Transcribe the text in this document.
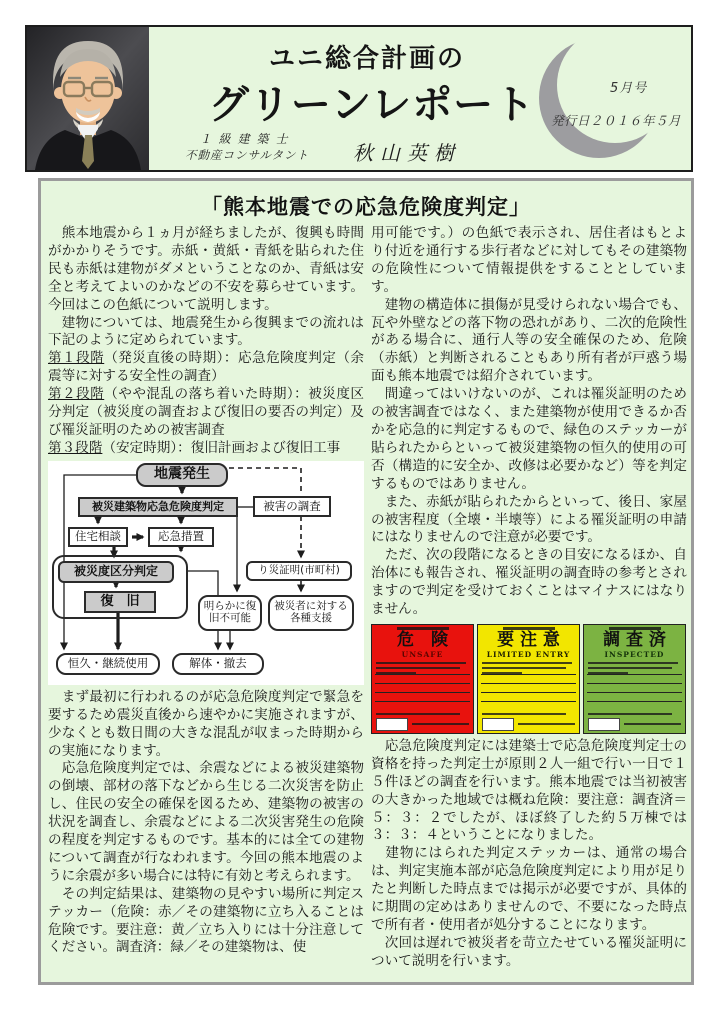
ユニ総合計画の
グリーンレポート
１級建築士
不動産コンサルタント 秋山英樹
5月号
発行日２０１６年５月
「熊本地震での応急危険度判定」

　熊本地震から１ヵ月が経ちましたが、復興も時間がかかりそうです。赤紙・黄紙・青紙を貼られた住民も赤紙は建物がダメということなのか、青紙は安全と考えてよいのかなどの不安を募らせています。今回はこの色紙について説明します。

　建物については、地震発生から復興までの流れは下記のように定められています。

第１段階（発災直後の時期）：応急危険度判定（余震等に対する安全性の調査）

第２段階（やや混乱の落ち着いた時期）：被災度区分判定（被災度の調査および復旧の要否の判定）及び罹災証明のための被害調査

第３段階（安定時期）：復旧計画および復旧工事

地震発生
被災建築物応急危険度判定	被害の調査
住宅相談	応急措置
被災度区分判定	り災証明(市町村)
復　旧	明らかに復旧不可能
被災者に対する各種支援
恒久・継続使用	解体・撤去

　まず最初に行われるのが応急危険度判定で緊急を要するため震災直後から速やかに実施されますが、少なくとも数日間の大きな混乱が収まった時期からの実施になります。

　応急危険度判定では、余震などによる被災建築物の倒壊、部材の落下などから生じる二次災害を防止し、住民の安全の確保を図るため、建築物の被害の状況を調査し、余震などによる二次災害発生の危険の程度を判定するものです。基本的には全ての建物について調査が行なわれます。今回の熊本地震のように余震が多い場合には特に有効と考えられます。

　その判定結果は、建築物の見やすい場所に判定ステッカー（危険：赤／その建築物に立ち入ることは危険です。要注意：黄／立ち入りには十分注意してください。調査済：緑／その建築物は、使

用可能です。）の色紙で表示され、居住者はもとより付近を通行する歩行者などに対してもその建築物の危険性について情報提供をすることとしています。

　建物の構造体に損傷が見受けられない場合でも、瓦や外壁などの落下物の恐れがあり、二次的危険性がある場合に、通行人等の安全確保のため、危険（赤紙）と判断されることもあり所有者が戸惑う場面も熊本地震では紹介されています。

　間違ってはいけないのが、これは罹災証明のための被害調査ではなく、また建築物が使用できるか否かを応急的に判定するもので、緑色のステッカーが貼られたからといって被災建築物の恒久的使用の可否（構造的に安全か、改修は必要かなど）等を判定するものではありません。

　また、赤紙が貼られたからといって、後日、家屋の被害程度（全壊・半壊等）による罹災証明の申請にはなりませんので注意が必要です。

　ただ、次の段階になるときの目安になるほか、自治体にも報告され、罹災証明の調査時の参考とされますので判定を受けておくことはマイナスにはなりません。

危　険
UNSAFE
要 注 意
LIMITED ENTRY
調 査 済
INSPECTED

　応急危険度判定には建築士で応急危険度判定士の資格を持った判定士が原則２人一組で行い一日で１５件ほどの調査を行います。熊本地震では当初被害の大きかった地域では概ね危険：要注意：調査済＝５：３：２でしたが、ほぼ終了した約５万棟では３：３：４ということになりました。

　建物にはられた判定ステッカーは、通常の場合は、判定実施本部が応急危険度判定により用が足りたと判断した時点までは掲示が必要ですが、具体的に期間の定めはありませんので、不要になった時点で所有者・使用者が処分することになります。

　次回は遅れで被災者を苛立たせている罹災証明について説明を行います。
